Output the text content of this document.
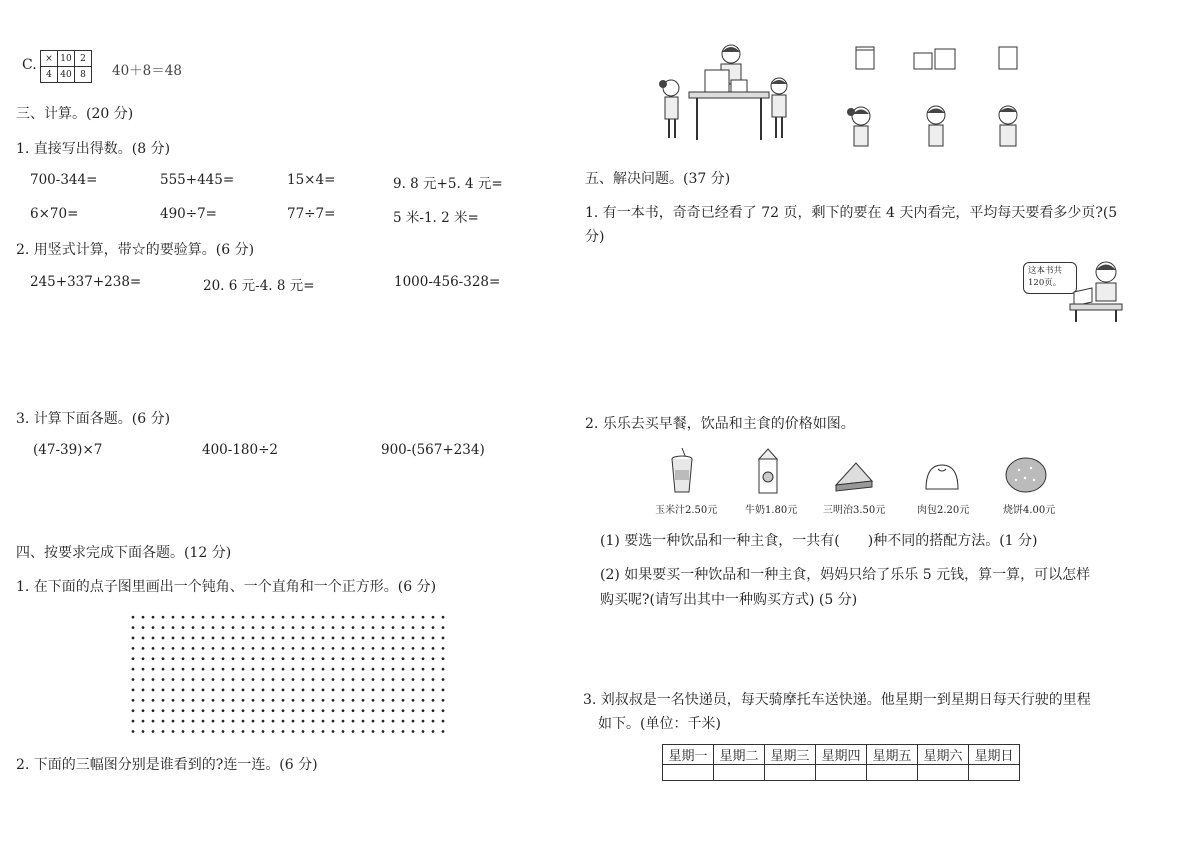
C. ×	10	2
4	40	8 40＋8＝48
三、计算。(20 分)
1. 直接写出得数。(8 分)
700-344=	555+445=	15×4=	9. 8 元+5. 4 元=
6×70=	490÷7=	77÷7=	5 米-1. 2 米=
2. 用竖式计算，带☆的要验算。(6 分)
245+337+238=	20. 6 元-4. 8 元=	1000-456-328=
3. 计算下面各题。(6 分)
(47-39)×7	400-180÷2	900-(567+234)
四、按要求完成下面各题。(12 分)
1. 在下面的点子图里画出一个钝角、一个直角和一个正方形。(6 分)
2. 下面的三幅图分别是谁看到的?连一连。(6 分)
五、解决问题。(37 分)
1. 有一本书，奇奇已经看了 72 页，剩下的要在 4 天内看完，平均每天要看多少页?(5
分)
这本书共
120页。
2. 乐乐去买早餐，饮品和主食的价格如图。
玉米汁2.50元	牛奶1.80元	三明治3.50元	肉包2.20元	烧饼4.00元
(1) 要选一种饮品和一种主食，一共有(　　)种不同的搭配方法。(1 分)
(2) 如果要买一种饮品和一种主食，妈妈只给了乐乐 5 元钱，算一算，可以怎样
购买呢?(请写出其中一种购买方式) (5 分)
3. 刘叔叔是一名快递员，每天骑摩托车送快递。他星期一到星期日每天行驶的里程
如下。(单位：千米)
星期一	星期二	星期三	星期四	星期五	星期六	星期日
